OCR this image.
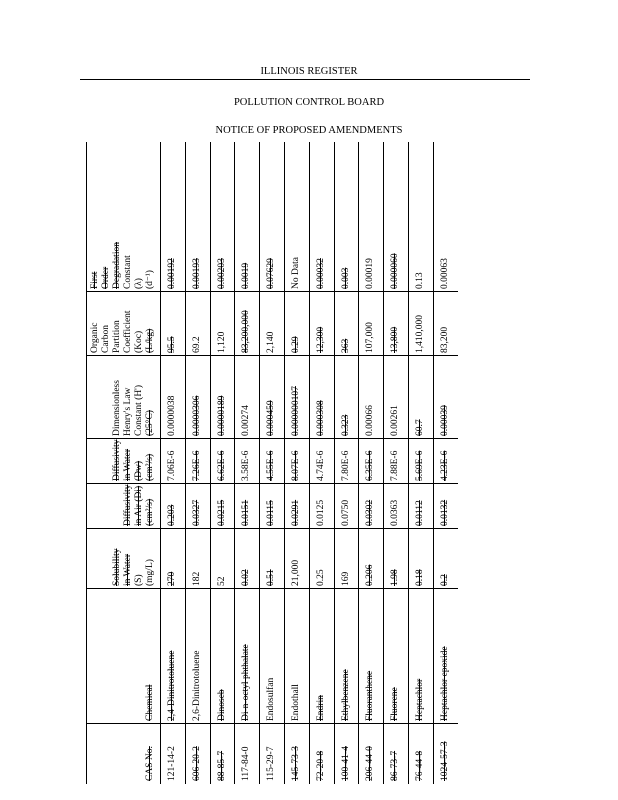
ILLINOIS REGISTER
POLLUTION CONTROL BOARD
NOTICE OF PROPOSED AMENDMENTS
CAS No.
Chemical
Solubility in Water (S) (mg/L)
Diffusivity in Air (Di) (cm²/s)
Diffusivity in Water (Dw) (cm²/s)
Dimensionless Henry's Law Constant (H') (25°C)
Organic Carbon Partition Coefficient (Koc) (L/kg)
First Order Degradation Constant (λ) (d⁻¹)
121-14-2
2,4-Dinitrotoluene
270
0.203
7.06E-6
0.0000038
95.5
0.00192
606-20-2
2,6-Dinitrotoluene
182
0.0327
7.26E-6
0.0000306
69.2
0.00193
88-85-7
Dinoseb
52
0.0215
6.62E-6
0.0000189
1,120
0.00203
117-84-0
Di-n-octyl phthalate
0.02
0.0151
3.58E-6
0.00274
83,200,000
0.0019
115-29-7
Endosulfan
0.51
0.0115
4.55E-6
0.000459
2,140
0.07629
145-73-3
Endothall
21,000
0.0291
8.07E-6
0.000000107
0.29
No Data
72-20-8
Endrin
0.25
0.0125
4.74E-6
0.000308
12,300
0.00032
100-41-4
Ethylbenzene
169
0.0750
7.80E-6
0.323
363
0.003
206-44-0
Fluoranthene
0.206
0.0302
6.35E-6
0.00066
107,000
0.00019
86-73-7
Fluorene
1.98
0.0363
7.88E-6
0.00261
13,800
0.000060
76-44-8
Heptachlor
0.18
0.0112
5.69E-6
60.7
1,410,000
0.13
1024-57-3
Heptachlor epoxide
0.2
0.0132
4.23E-6
0.00039
83,200
0.00063
